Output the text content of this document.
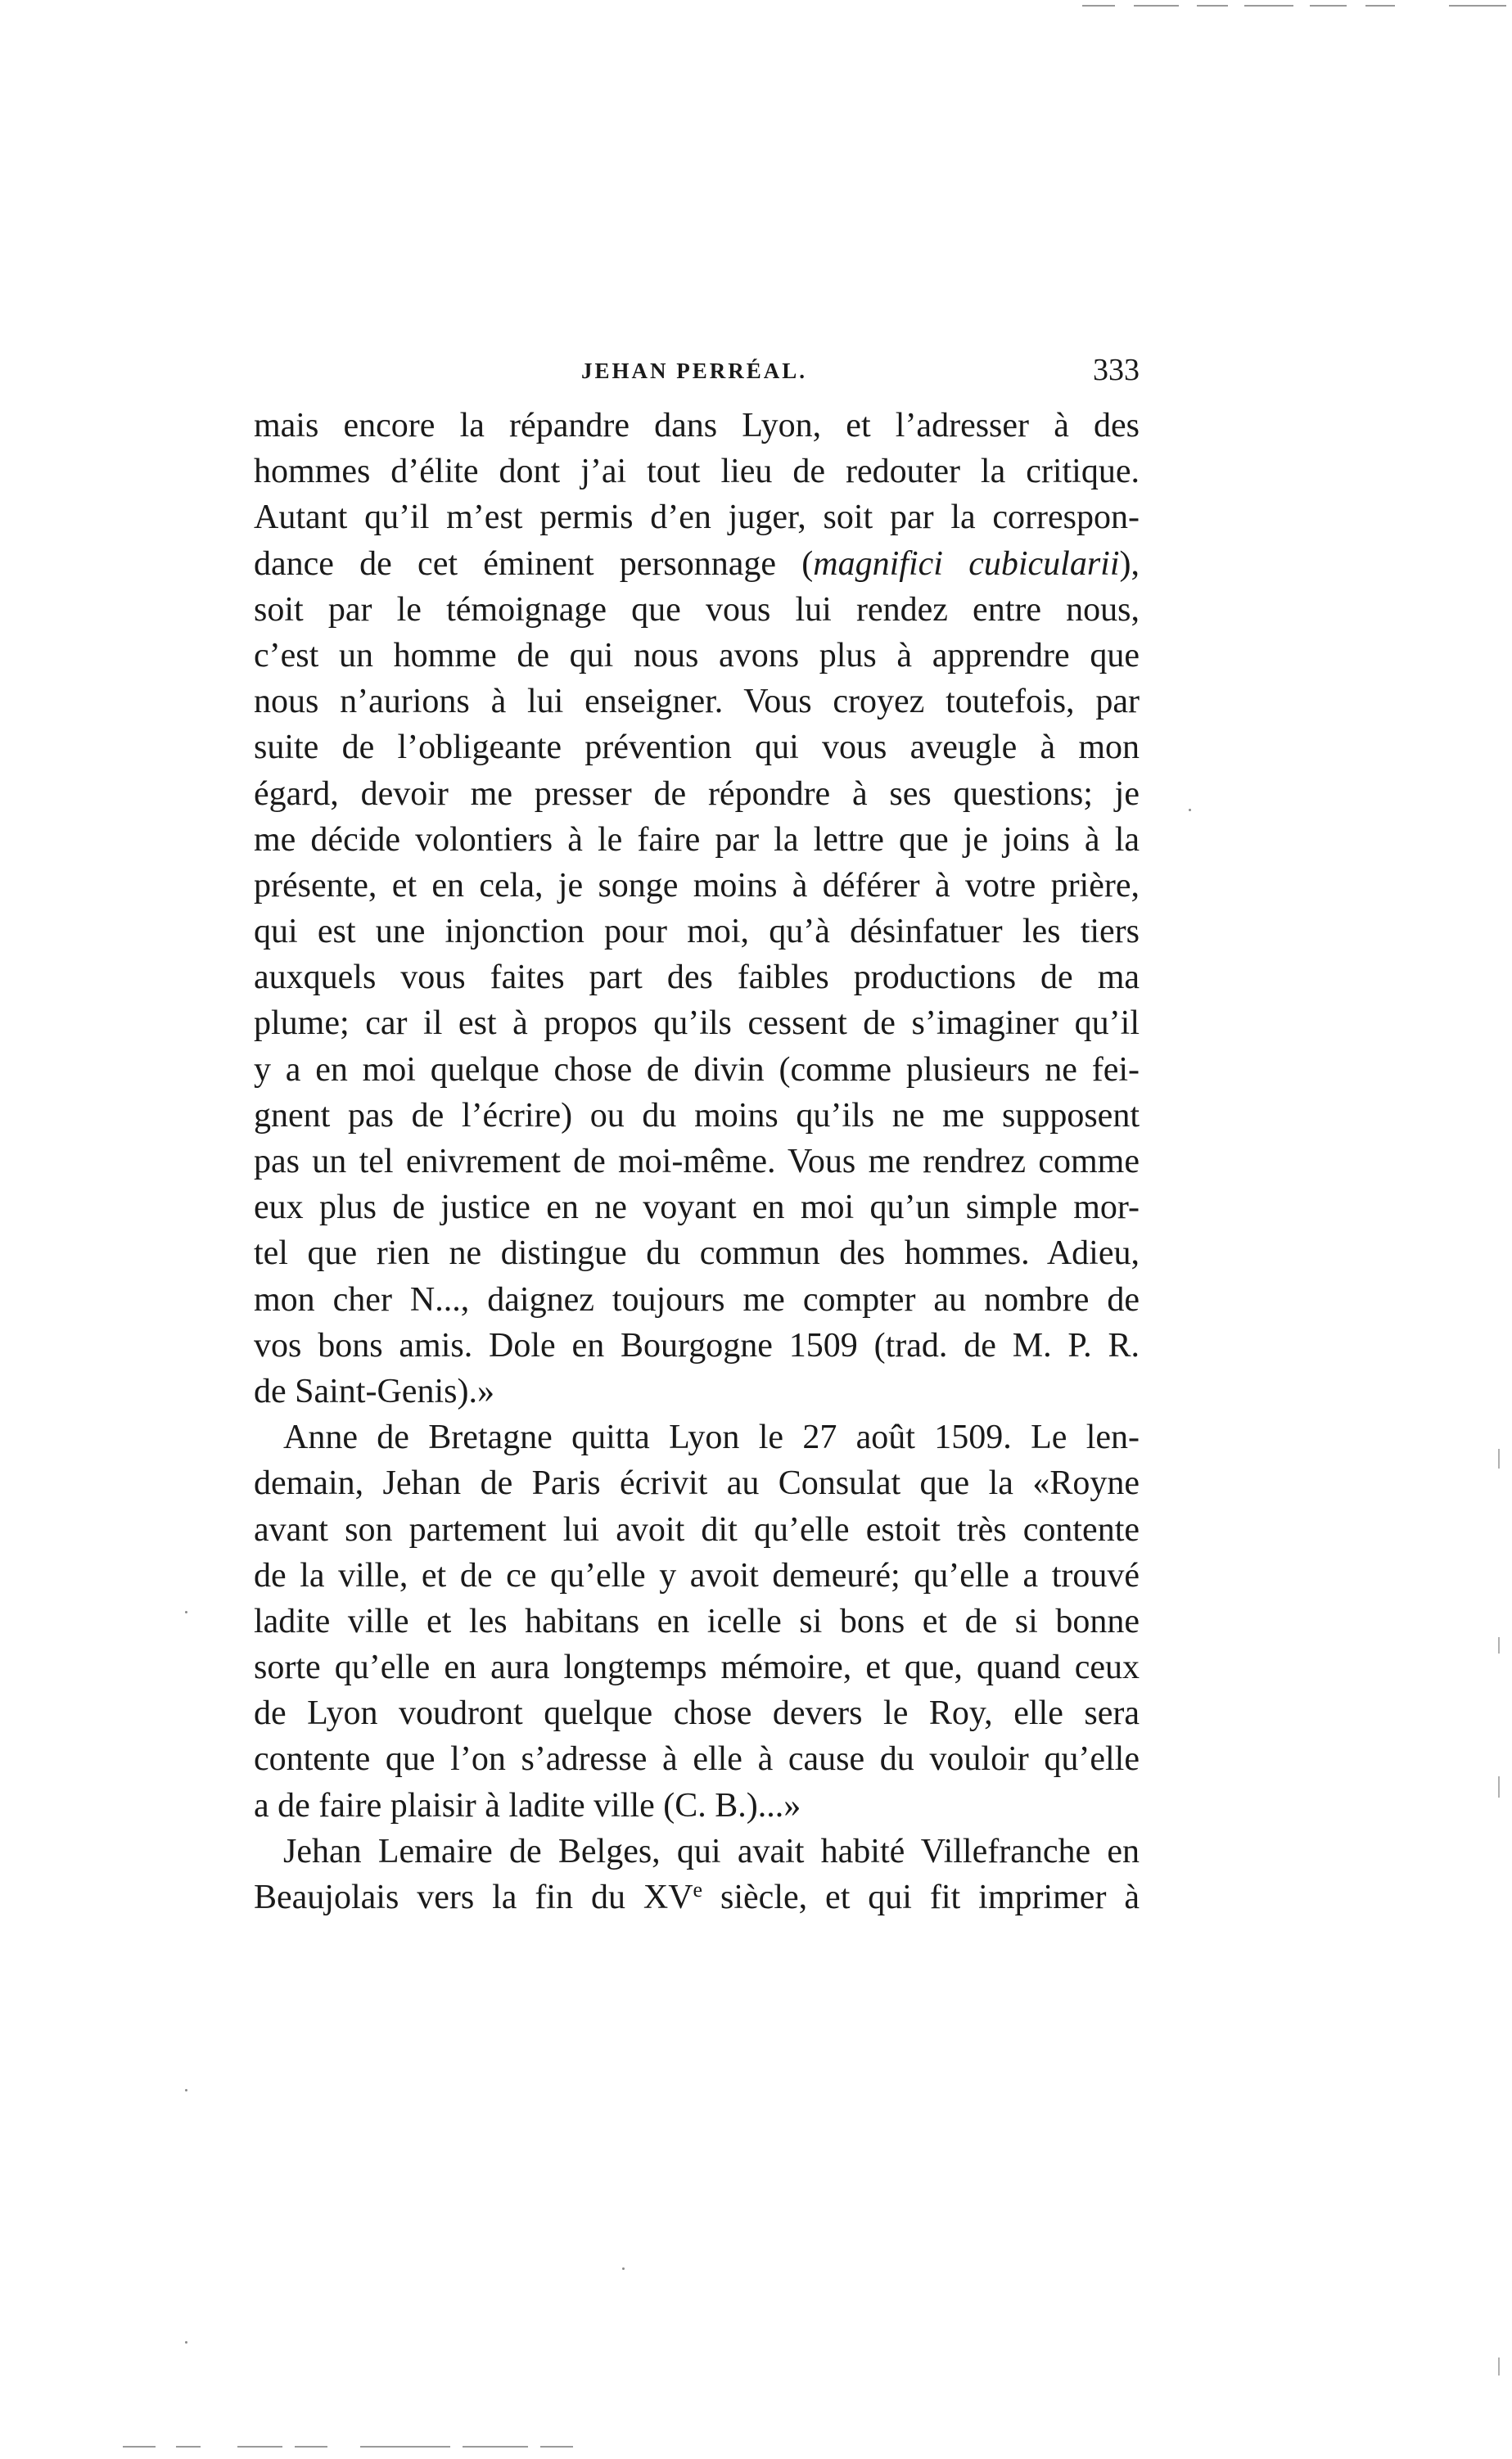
JEHAN PERRÉAL.	333
mais encore la répandre dans Lyon, et l’adresser à des
hommes d’élite dont j’ai tout lieu de redouter la critique.
Autant qu’il m’est permis d’en juger, soit par la correspon-
dance de cet éminent personnage (magnifici cubicularii),
soit par le témoignage que vous lui rendez entre nous,
c’est un homme de qui nous avons plus à apprendre que
nous n’aurions à lui enseigner. Vous croyez toutefois, par
suite de l’obligeante prévention qui vous aveugle à mon
égard, devoir me presser de répondre à ses questions; je
me décide volontiers à le faire par la lettre que je joins à la
présente, et en cela, je songe moins à déférer à votre prière,
qui est une injonction pour moi, qu’à désinfatuer les tiers
auxquels vous faites part des faibles productions de ma
plume; car il est à propos qu’ils cessent de s’imaginer qu’il
y a en moi quelque chose de divin (comme plusieurs ne fei-
gnent pas de l’écrire) ou du moins qu’ils ne me supposent
pas un tel enivrement de moi-même. Vous me rendrez comme
eux plus de justice en ne voyant en moi qu’un simple mor-
tel que rien ne distingue du commun des hommes. Adieu,
mon cher N..., daignez toujours me compter au nombre de
vos bons amis. Dole en Bourgogne 1509 (trad. de M. P. R.
de Saint-Genis).»
Anne de Bretagne quitta Lyon le 27 août 1509. Le len-
demain, Jehan de Paris écrivit au Consulat que la «Royne
avant son partement lui avoit dit qu’elle estoit très contente
de la ville, et de ce qu’elle y avoit demeuré; qu’elle a trouvé
ladite ville et les habitans en icelle si bons et de si bonne
sorte qu’elle en aura longtemps mémoire, et que, quand ceux
de Lyon voudront quelque chose devers le Roy, elle sera
contente que l’on s’adresse à elle à cause du vouloir qu’elle
a de faire plaisir à ladite ville (C. B.)...»
Jehan Lemaire de Belges, qui avait habité Villefranche en
Beaujolais vers la fin du XVe siècle, et qui fit imprimer à
